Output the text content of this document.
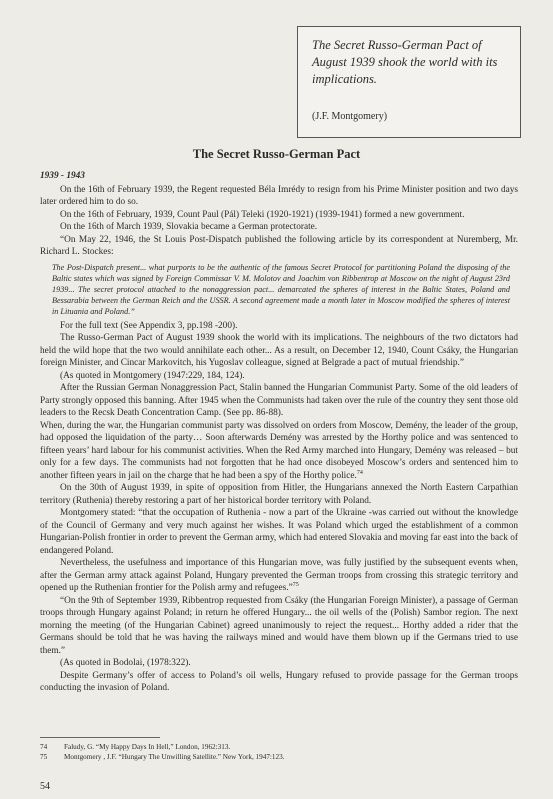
The Secret Russo-German Pact of August 1939 shook the world with its implications.
(J.F. Montgomery)
The Secret Russo-German Pact

1939 - 1943

On the 16th of February 1939, the Regent requested Béla Imrédy to resign from his Prime Minister position and two days later ordered him to do so.

On the 16th of February, 1939, Count Paul (Pál) Teleki (1920-1921) (1939-1941) formed a new government.

On the 16th of March 1939, Slovakia became a German protectorate.

“On May 22, 1946, the St Louis Post-Dispatch published the following article by its correspondent at Nuremberg, Mr. Richard L. Stockes:

The Post-Dispatch present... what purports to be the authentic of the famous Secret Protocol for partitioning Poland the disposing of the Baltic states which was signed by Foreign Commissar V. M. Molotov and Joachim von Ribbentrop at Moscow on the night of August 23rd 1939... The secret protocol attached to the nonaggression pact... demarcated the spheres of interest in the Baltic States, Poland and Bessarabia between the German Reich and the USSR. A second agreement made a month later in Moscow modified the spheres of interest in Lituania and Poland.”

For the full text (See Appendix 3, pp.198 -200).

The Russo-German Pact of August 1939 shook the world with its implications. The neighbours of the two dictators had held the wild hope that the two would annihilate each other... As a result, on December 12, 1940, Count Csáky, the Hungarian foreign Minister, and Cincar Markovitch, his Yugoslav colleague, signed at Belgrade a pact of mutual friendship.”

(As quoted in Montgomery (1947:229, 184, 124).

After the Russian German Nonaggression Pact, Stalin banned the Hungarian Communist Party. Some of the old leaders of Party strongly opposed this banning. After 1945 when the Communists had taken over the rule of the country they sent those old leaders to the Recsk Death Concentration Camp. (See pp. 86-88).

When, during the war, the Hungarian communist party was dissolved on orders from Moscow, Demény, the leader of the group, had opposed the liquidation of the party… Soon afterwards Demény was arrested by the Horthy police and was sentenced to fifteen years’ hard labour for his communist activities. When the Red Army marched into Hungary, Demény was released – but only for a few days. The communists had not forgotten that he had once disobeyed Moscow’s orders and sentenced him to another fifteen years in jail on the charge that he had been a spy of the Horthy police.$^{74}$

On the 30th of August 1939, in spite of opposition from Hitler, the Hungarians annexed the North Eastern Carpathian territory (Ruthenia) thereby restoring a part of her historical border territory with Poland.

Montgomery stated: “that the occupation of Ruthenia - now a part of the Ukraine -was carried out without the knowledge of the Council of Germany and very much against her wishes. It was Poland which urged the establishment of a common Hungarian-Polish frontier in order to prevent the German army, which had entered Slovakia and moving far east into the back of endangered Poland.

Nevertheless, the usefulness and importance of this Hungarian move, was fully justified by the subsequent events when, after the German army attack against Poland, Hungary prevented the German troops from crossing this strategic territory and opened up the Ruthenian frontier for the Polish army and refugees.”$^{75}$

“On the 9th of September 1939, Ribbentrop requested from Csáky (the Hungarian Foreign Minister), a passage of German troops through Hungary against Poland; in return he offered Hungary... the oil wells of the (Polish) Sambor region. The next morning the meeting (of the Hungarian Cabinet) agreed unanimously to reject the request... Horthy added a rider that the Germans should be told that he was having the railways mined and would have them blown up if the Germans tried to use them.”

(As quoted in Bodolai, (1978:322).

Despite Germany’s offer of access to Poland’s oil wells, Hungary refused to provide passage for the German troops conducting the invasion of Poland.

74	Faludy, G. “My Happy Days In Hell,” London, 1962:313.
75	Montgomery , J.F. “Hungary The Unwilling Satellite.” New York, 1947:123.
54
